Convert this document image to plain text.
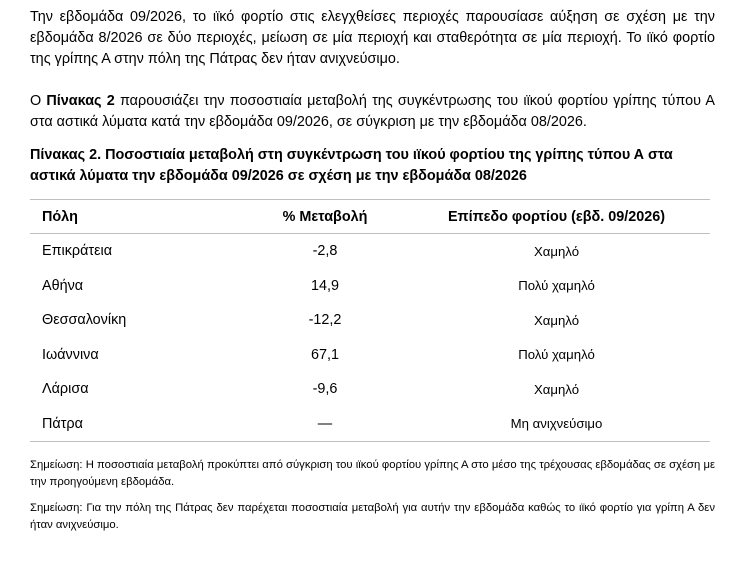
Την εβδομάδα 09/2026, το ιϊκό φορτίο στις ελεγχθείσες περιοχές παρουσίασε αύξηση σε σχέση με την εβδομάδα 8/2026 σε δύο περιοχές, μείωση σε μία περιοχή και σταθερότητα σε μία περιοχή. Το ιϊκό φορτίο της γρίπης Α στην πόλη της Πάτρας δεν ήταν ανιχνεύσιμο.

Ο Πίνακας 2 παρουσιάζει την ποσοστιαία μεταβολή της συγκέντρωσης του ιϊκού φορτίου γρίπης τύπου Α στα αστικά λύματα κατά την εβδομάδα 09/2026, σε σύγκριση με την εβδομάδα 08/2026.

Πίνακας 2. Ποσοστιαία μεταβολή στη συγκέντρωση του ιϊκού φορτίου της γρίπης τύπου Α στα αστικά λύματα την εβδομάδα 09/2026 σε σχέση με την εβδομάδα 08/2026

Πόλη	% Μεταβολή	Επίπεδο φορτίου (εβδ. 09/2026)
Επικράτεια	-2,8	Χαμηλό
Αθήνα	14,9	Πολύ χαμηλό
Θεσσαλονίκη	-12,2	Χαμηλό
Ιωάννινα	67,1	Πολύ χαμηλό
Λάρισα	-9,6	Χαμηλό
Πάτρα	—	Μη ανιχνεύσιμο

Σημείωση: Η ποσοστιαία μεταβολή προκύπτει από σύγκριση του ιϊκού φορτίου γρίπης Α στο μέσο της τρέχουσας εβδομάδας σε σχέση με την προηγούμενη εβδομάδα.

Σημείωση: Για την πόλη της Πάτρας δεν παρέχεται ποσοστιαία μεταβολή για αυτήν την εβδομάδα καθώς το ιϊκό φορτίο για γρίπη Α δεν ήταν ανιχνεύσιμο.
